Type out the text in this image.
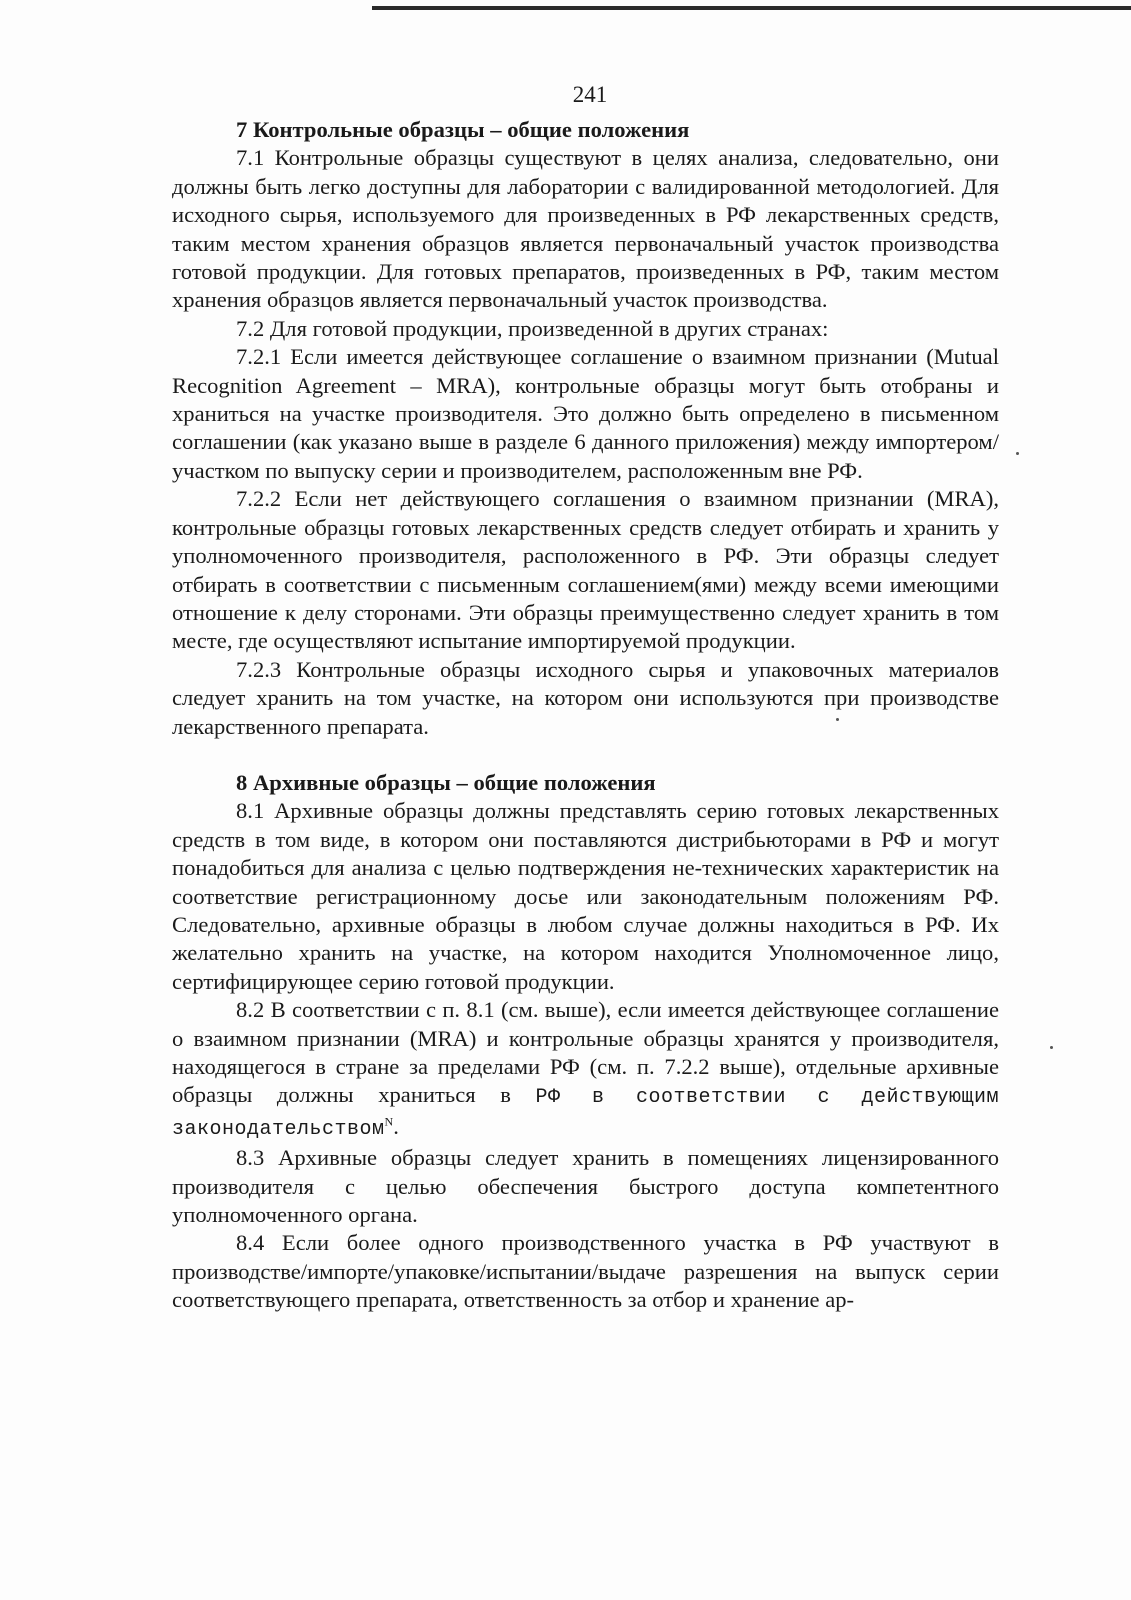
241

7 Контрольные образцы – общие положения

7.1 Контрольные образцы существуют в целях анализа, следовательно, они должны быть легко доступны для лаборатории с валидированной методологией. Для исходного сырья, используемого для произведенных в РФ лекарственных средств, таким местом хранения образцов является первоначальный участок производства готовой продукции. Для готовых препаратов, произведенных в РФ, таким местом хранения образцов является первоначальный участок производства.

7.2 Для готовой продукции, произведенной в других странах:

7.2.1 Если имеется действующее соглашение о взаимном признании (Mutual Recognition Agreement – MRA), контрольные образцы могут быть отобраны и храниться на участке производителя. Это должно быть определено в письменном соглашении (как указано выше в разделе 6 данного приложения) между импортером/участком по выпуску серии и производителем, расположенным вне РФ.

7.2.2 Если нет действующего соглашения о взаимном признании (MRA), контрольные образцы готовых лекарственных средств следует отбирать и хранить у уполномоченного производителя, расположенного в РФ. Эти образцы следует отбирать в соответствии с письменным соглашением(ями) между всеми имеющими отношение к делу сторонами. Эти образцы преимущественно следует хранить в том месте, где осуществляют испытание импортируемой продукции.

7.2.3 Контрольные образцы исходного сырья и упаковочных материалов следует хранить на том участке, на котором они используются при производстве лекарственного препарата.

8 Архивные образцы – общие положения

8.1 Архивные образцы должны представлять серию готовых лекарственных средств в том виде, в котором они поставляются дистрибьюторами в РФ и могут понадобиться для анализа с целью подтверждения не-технических характеристик на соответствие регистрационному досье или законодательным положениям РФ. Следовательно, архивные образцы в любом случае должны находиться в РФ. Их желательно хранить на участке, на котором находится Уполномоченное лицо, сертифицирующее серию готовой продукции.

8.2 В соответствии с п. 8.1 (см. выше), если имеется действующее соглашение о взаимном признании (MRA) и контрольные образцы хранятся у производителя, находящегося в стране за пределами РФ (см. п. 7.2.2 выше), отдельные архивные образцы должны храниться в РФ в соответствии с действующим законодательством$^N$.

8.3 Архивные образцы следует хранить в помещениях лицензированного производителя с целью обеспечения быстрого доступа компетентного уполномоченного органа.

8.4 Если более одного производственного участка в РФ участвуют в производстве/импорте/упаковке/испытании/выдаче разрешения на выпуск серии соответствующего препарата, ответственность за отбор и хранение ар-
